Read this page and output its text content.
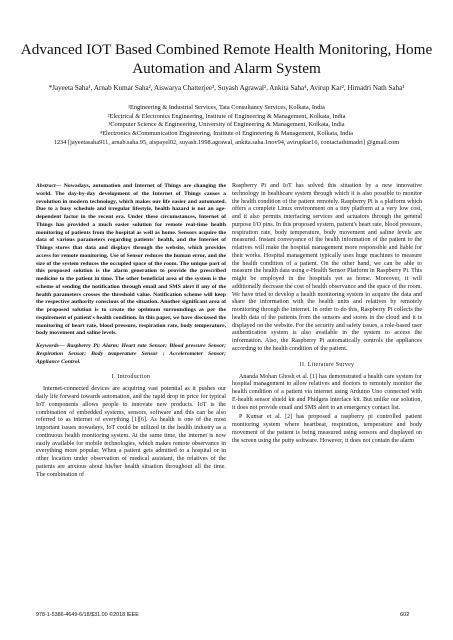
Advanced IOT Based Combined Remote Health Monitoring, Home Automation and Alarm System
*Jayeeta Saha¹, Arnab Kumar Saha², Aiswarya Chatterjee³, Suyash Agrawal², Ankita Saha⁴, Avirup Kar², Himadri Nath Saha¹
¹Engineering & Industrial Services, Tata Consultancy Services, Kolkata, India
²Electrical & Electronics Engineering, Institute of Engineering & Management, Kolkata, India
³Computer Science & Engineering, University of Engineering & Management, Kolkata, India
⁴Electronics &Communication Engineering, Institute of Engineering & Management, Kolkata, India
1234 [jayeetasaha911, arnab.saha.95, aispayel02, suyash.1998.agrawal, ankita.saha.1nov94, avirupkar16, contactathimadri] @gmail.com

Abstract— Nowadays, automation and Internet of Things are changing the world. The day-by-day development of the Internet of Things causes a revolution in modern technology, which makes our life easier and automated. Due to a busy schedule and irregular lifestyle, health hazard is not an age-dependent factor in the recent era. Under these circumstances, Internet of Things has provided a much easier solution for remote real-time health monitoring of patients from the hospital as well as home. Sensors acquire the data of various parameters regarding patients' health, and the Internet of Things stores that data and displays through the website, which provides access for remote monitoring. Use of Sensor reduces the human error, and the size of the system reduces the occupied space of the room. The unique part of this proposed solution is the alarm generation to provide the prescribed medicine to the patient in time. The other beneficial area of the system is the scheme of sending the notification through email and SMS alert if any of the health parameters crosses the threshold value. Notification scheme will keep the respective authority conscious of the situation. Another significant area of the proposed solution is to create the optimum surroundings as per the requirement of patient's health condition. In this paper, we have discussed the monitoring of heart rate, blood pressure, respiration rate, body temperature, body movement and saline levels.

Keywords— Raspberry Pi; Alarm; Heart rate Sensor; Blood pressure Sensor; Respiration Sensor; Body temperature Sensor ; Accelerometer Sensor; Appliance Control.

I. Introduction

Internet-connected devices are acquiring vast potential as it pushes our daily life forward towards automation, and the rapid drop in price for typical IoT components allows people to innovate new products. IoT is the combination of embedded systems, sensors, software and this can be also referred to as internet of everything [1][6]. As health is one of the most important issues nowadays, IoT could be utilized in the health industry as a continuous health monitoring system. At the same time, the internet is now easily available for mobile technologies, which makes remote observance in everything more popular. When a patient gets admitted to a hospital or in other location under observation of medical assistant, the relatives of the patients are anxious about his/her health situation throughout all the time. The combination of

Raspberry Pi and IoT has solved this situation by a new innovative technology in healthcare system through which it is also possible to monitor the health condition of the patient remotely. Raspberry Pi is a platform which offers a complete Linux environment on a tiny platform at a very low cost, and it also permits interfacing services and actuators through the general purpose I/O pins. In this proposed system, patient's heart rate, blood pressure, respiration rate, body temperature, body movement and saline levels are measured. Instant conveyance of the health information of the patient to the relatives will make the hospital management more responsible and liable for their works. Hospital management typically uses huge machines to measure the health condition of a patient. On the other hand, we can be able to measure the health data using e-Health Sensor Platform in Raspberry Pi. This might be employed in the hospitals yet as home. Moreover, it will additionally decrease the cost of health observance and the space of the room. We have tried to develop a health monitoring system to acquire the data and share the information with the health units and relatives by remotely monitoring through the internet. In order to do this, Raspberry Pi collects the health data of the patients from the sensors and stores in the cloud and it is displayed on the website. For the security and safety issues, a role-based user authentication system is also available in the system to access the information. Also, the Raspberry Pi automatically controls the appliances according to the health condition of the patient.

II. Literature Survey

Ananda Mohan Ghosh et al. [1] has demonstrated a health care system for hospital management to allow relatives and doctors to remotely monitor the health condition of a patient via internet using Arduino Uno connected with E-health sensor shield kit and Phidgets interface kit. But unlike our solution, it does not provide email and SMS alert to an emergency contact list.

P Kumar et al. [2] has proposed a raspberry pi controlled patient monitoring system where heartbeat, respiration, temperature and body movement of the patient is being measured using sensors and displayed on the screen using the putty software. However, it does not contain the alarm

978-1-5386-4649-6/18/$31.00 ©2018 IEEE	602
